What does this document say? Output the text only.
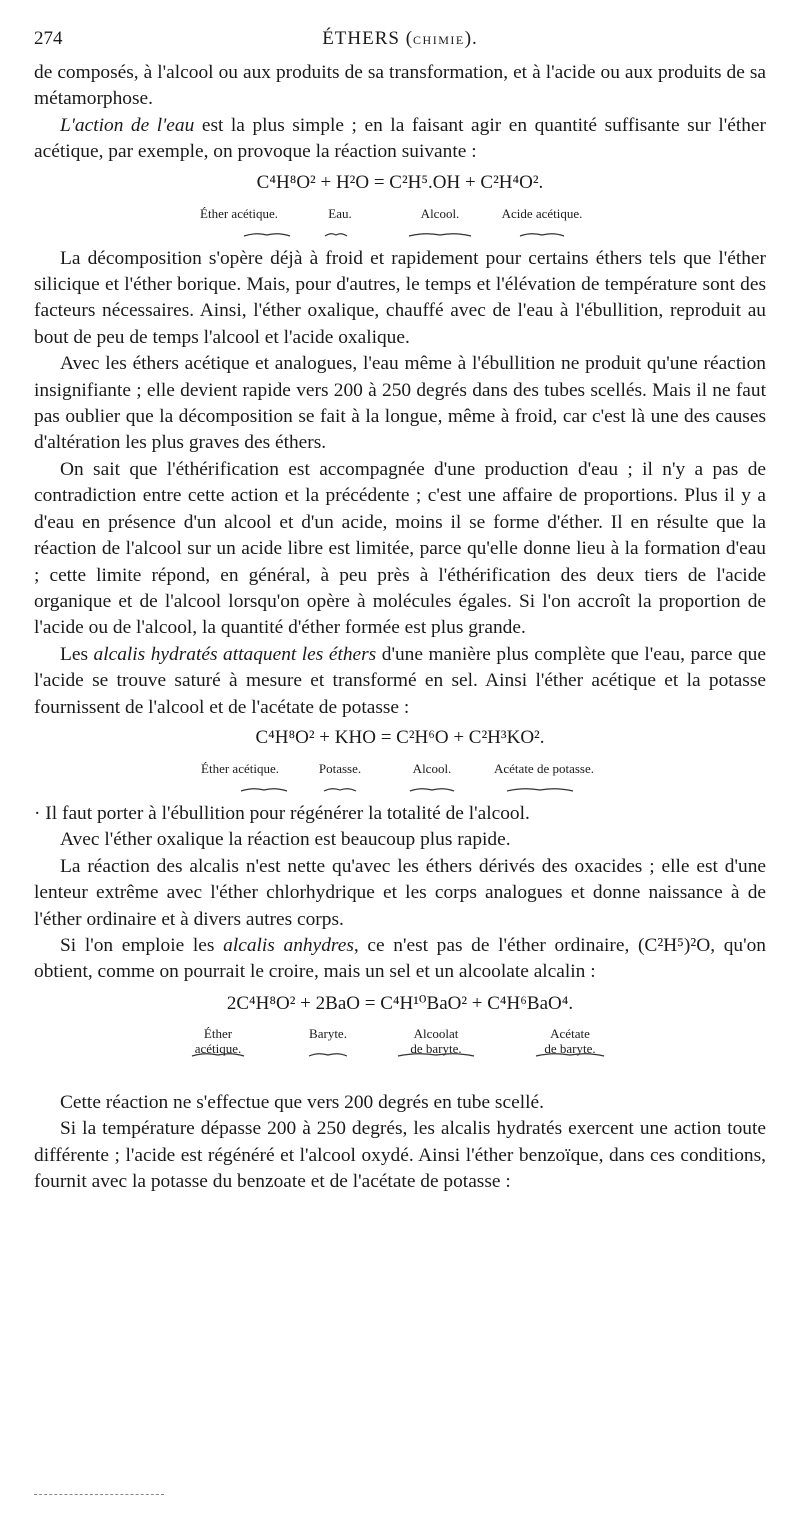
274	ÉTHERS (CHIMIE).

de composés, à l'alcool ou aux produits de sa transformation, et à l'acide ou aux produits de sa métamorphose.

L'action de l'eau est la plus simple ; en la faisant agir en quantité suffisante sur l'éther acétique, par exemple, on provoque la réaction suivante :

C⁴H⁸O² + H²O = C²H⁵.OH + C²H⁴O².
Éther acétique.	Eau.	Alcool.	Acide acétique.

La décomposition s'opère déjà à froid et rapidement pour certains éthers tels que l'éther silicique et l'éther borique. Mais, pour d'autres, le temps et l'élévation de température sont des facteurs nécessaires. Ainsi, l'éther oxalique, chauffé avec de l'eau à l'ébullition, reproduit au bout de peu de temps l'alcool et l'acide oxalique.

Avec les éthers acétique et analogues, l'eau même à l'ébullition ne produit qu'une réaction insignifiante ; elle devient rapide vers 200 à 250 degrés dans des tubes scellés. Mais il ne faut pas oublier que la décomposition se fait à la longue, même à froid, car c'est là une des causes d'altération les plus graves des éthers.

On sait que l'éthérification est accompagnée d'une production d'eau ; il n'y a pas de contradiction entre cette action et la précédente ; c'est une affaire de proportions. Plus il y a d'eau en présence d'un alcool et d'un acide, moins il se forme d'éther. Il en résulte que la réaction de l'alcool sur un acide libre est limitée, parce qu'elle donne lieu à la formation d'eau ; cette limite répond, en général, à peu près à l'éthérification des deux tiers de l'acide organique et de l'alcool lorsqu'on opère à molécules égales. Si l'on accroît la proportion de l'acide ou de l'alcool, la quantité d'éther formée est plus grande.

Les alcalis hydratés attaquent les éthers d'une manière plus complète que l'eau, parce que l'acide se trouve saturé à mesure et transformé en sel. Ainsi l'éther acétique et la potasse fournissent de l'alcool et de l'acétate de potasse :

C⁴H⁸O² + KHO = C²H⁶O + C²H³KO².
Éther acétique.	Potasse.	Alcool.	Acétate de potasse.

· Il faut porter à l'ébullition pour régénérer la totalité de l'alcool.

Avec l'éther oxalique la réaction est beaucoup plus rapide.

La réaction des alcalis n'est nette qu'avec les éthers dérivés des oxacides ; elle est d'une lenteur extrême avec l'éther chlorhydrique et les corps analogues et donne naissance à de l'éther ordinaire et à divers autres corps.

Si l'on emploie les alcalis anhydres, ce n'est pas de l'éther ordinaire, (C²H⁵)²O, qu'on obtient, comme on pourrait le croire, mais un sel et un alcoolate alcalin :

2C⁴H⁸O² + 2BaO = C⁴H¹⁰BaO² + C⁴H⁶BaO⁴.
Éther
acétique.
Baryte.	Alcoolat
de baryte.
Acétate
de baryte.

Cette réaction ne s'effectue que vers 200 degrés en tube scellé.

Si la température dépasse 200 à 250 degrés, les alcalis hydratés exercent une action toute différente ; l'acide est régénéré et l'alcool oxydé. Ainsi l'éther benzoïque, dans ces conditions, fournit avec la potasse du benzoate et de l'acétate de potasse :
